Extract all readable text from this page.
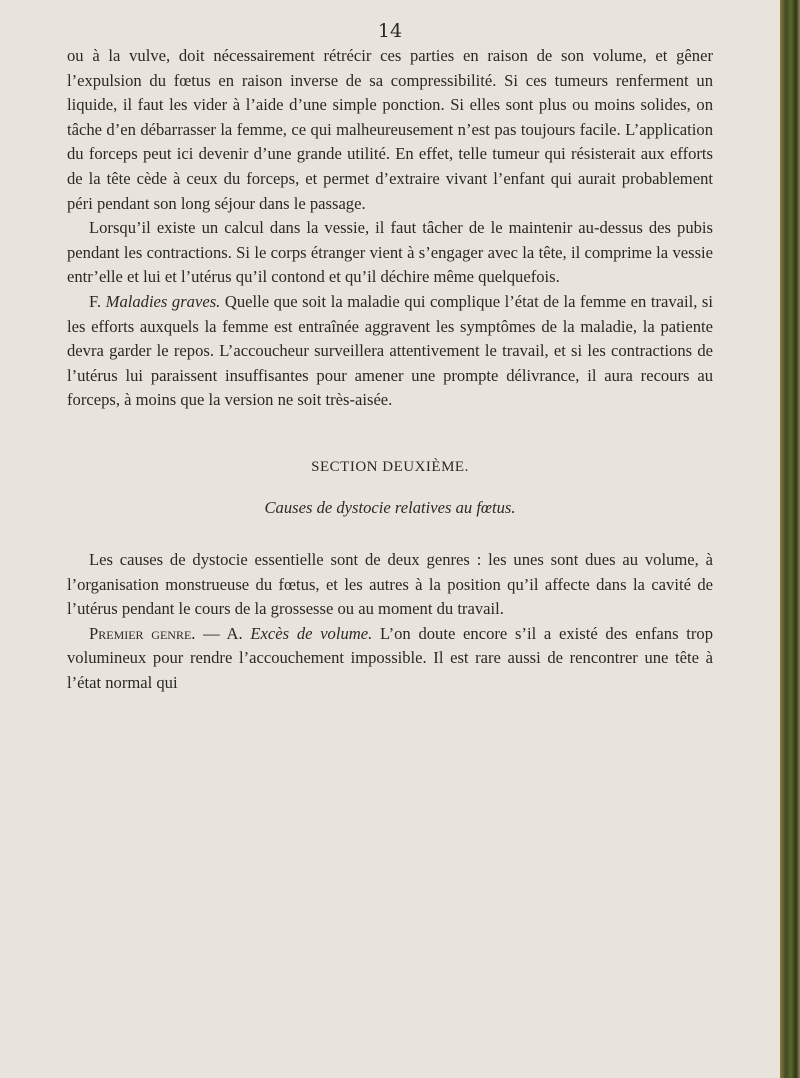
14

ou à la vulve, doit nécessairement rétrécir ces parties en raison de son volume, et gêner l’expulsion du fœtus en raison inverse de sa compressibilité. Si ces tumeurs renferment un liquide, il faut les vider à l’aide d’une simple ponction. Si elles sont plus ou moins solides, on tâche d’en débarrasser la femme, ce qui malheureusement n’est pas toujours facile. L’application du forceps peut ici devenir d’une grande utilité. En effet, telle tumeur qui résisterait aux efforts de la tête cède à ceux du forceps, et permet d’extraire vivant l’enfant qui aurait probablement péri pendant son long séjour dans le passage.

Lorsqu’il existe un calcul dans la vessie, il faut tâcher de le maintenir au-dessus des pubis pendant les contractions. Si le corps étranger vient à s’engager avec la tête, il comprime la vessie entr’elle et lui et l’utérus qu’il contond et qu’il déchire même quelquefois.

F. Maladies graves. Quelle que soit la maladie qui complique l’état de la femme en travail, si les efforts auxquels la femme est entraînée aggravent les symptômes de la maladie, la patiente devra garder le repos. L’accoucheur surveillera attentivement le travail, et si les contractions de l’utérus lui paraissent insuffisantes pour amener une prompte délivrance, il aura recours au forceps, à moins que la version ne soit très-aisée.

SECTION DEUXIÈME.
Causes de dystocie relatives au fœtus.

Les causes de dystocie essentielle sont de deux genres : les unes sont dues au volume, à l’organisation monstrueuse du fœtus, et les autres à la position qu’il affecte dans la cavité de l’utérus pendant le cours de la grossesse ou au moment du travail.

Premier genre. — A. Excès de volume. L’on doute encore s’il a existé des enfans trop volumineux pour rendre l’accouchement impossible. Il est rare aussi de rencontrer une tête à l’état normal qui
